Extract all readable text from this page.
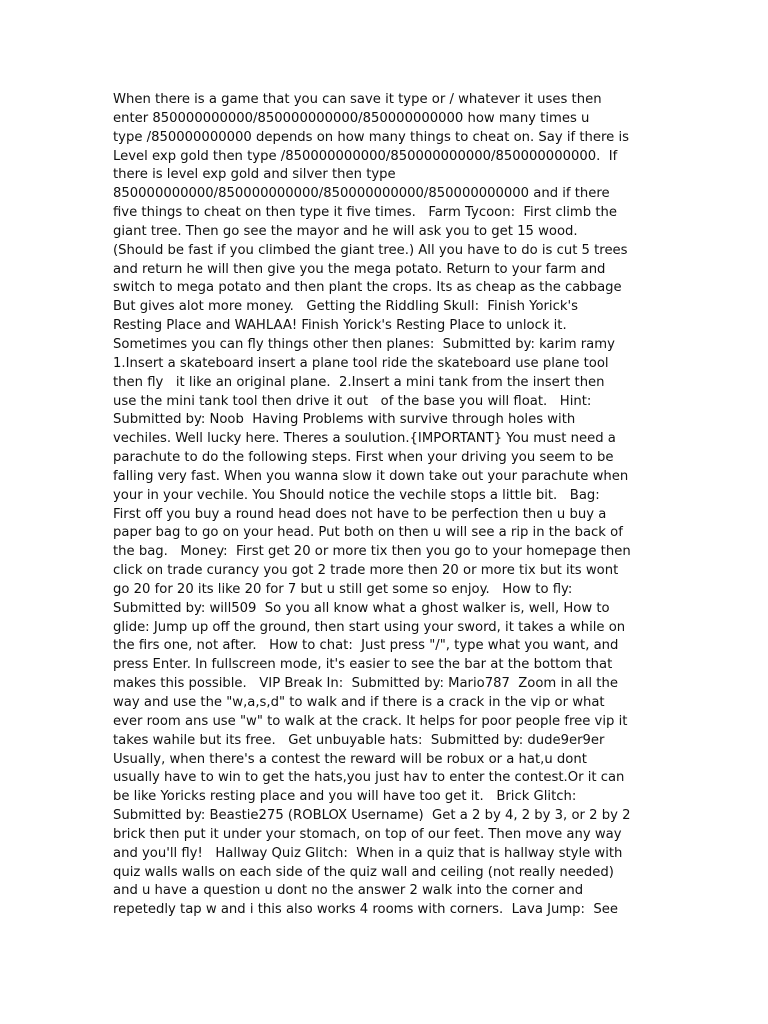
When there is a game that you can save it type or / whatever it uses then
enter 850000000000/850000000000/850000000000 how many times u
type /850000000000 depends on how many things to cheat on. Say if there is
Level exp gold then type /850000000000/850000000000/850000000000.  If
there is level exp gold and silver then type
850000000000/850000000000/850000000000/850000000000 and if there
five things to cheat on then type it five times.   Farm Tycoon:  First climb the
giant tree. Then go see the mayor and he will ask you to get 15 wood.
(Should be fast if you climbed the giant tree.) All you have to do is cut 5 trees
and return he will then give you the mega potato. Return to your farm and
switch to mega potato and then plant the crops. Its as cheap as the cabbage
But gives alot more money.   Getting the Riddling Skull:  Finish Yorick's
Resting Place and WAHLAA! Finish Yorick's Resting Place to unlock it.
Sometimes you can fly things other then planes:  Submitted by: karim ramy
1.Insert a skateboard insert a plane tool ride the skateboard use plane tool
then fly   it like an original plane.  2.Insert a mini tank from the insert then
use the mini tank tool then drive it out   of the base you will float.   Hint:
Submitted by: Noob  Having Problems with survive through holes with
vechiles. Well lucky here. Theres a soulution.{IMPORTANT} You must need a
parachute to do the following steps. First when your driving you seem to be
falling very fast. When you wanna slow it down take out your parachute when
your in your vechile. You Should notice the vechile stops a little bit.   Bag:
First off you buy a round head does not have to be perfection then u buy a
paper bag to go on your head. Put both on then u will see a rip in the back of
the bag.   Money:  First get 20 or more tix then you go to your homepage then
click on trade curancy you got 2 trade more then 20 or more tix but its wont
go 20 for 20 its like 20 for 7 but u still get some so enjoy.   How to fly:
Submitted by: will509  So you all know what a ghost walker is, well, How to
glide: Jump up off the ground, then start using your sword, it takes a while on
the firs one, not after.   How to chat:  Just press "/", type what you want, and
press Enter. In fullscreen mode, it's easier to see the bar at the bottom that
makes this possible.   VIP Break In:  Submitted by: Mario787  Zoom in all the
way and use the "w,a,s,d" to walk and if there is a crack in the vip or what
ever room ans use "w" to walk at the crack. It helps for poor people free vip it
takes wahile but its free.   Get unbuyable hats:  Submitted by: dude9er9er
Usually, when there's a contest the reward will be robux or a hat,u dont
usually have to win to get the hats,you just hav to enter the contest.Or it can
be like Yoricks resting place and you will have too get it.   Brick Glitch:
Submitted by: Beastie275 (ROBLOX Username)  Get a 2 by 4, 2 by 3, or 2 by 2
brick then put it under your stomach, on top of our feet. Then move any way
and you'll fly!   Hallway Quiz Glitch:  When in a quiz that is hallway style with
quiz walls walls on each side of the quiz wall and ceiling (not really needed)
and u have a question u dont no the answer 2 walk into the corner and
repetedly tap w and i this also works 4 rooms with corners.  Lava Jump:  See
